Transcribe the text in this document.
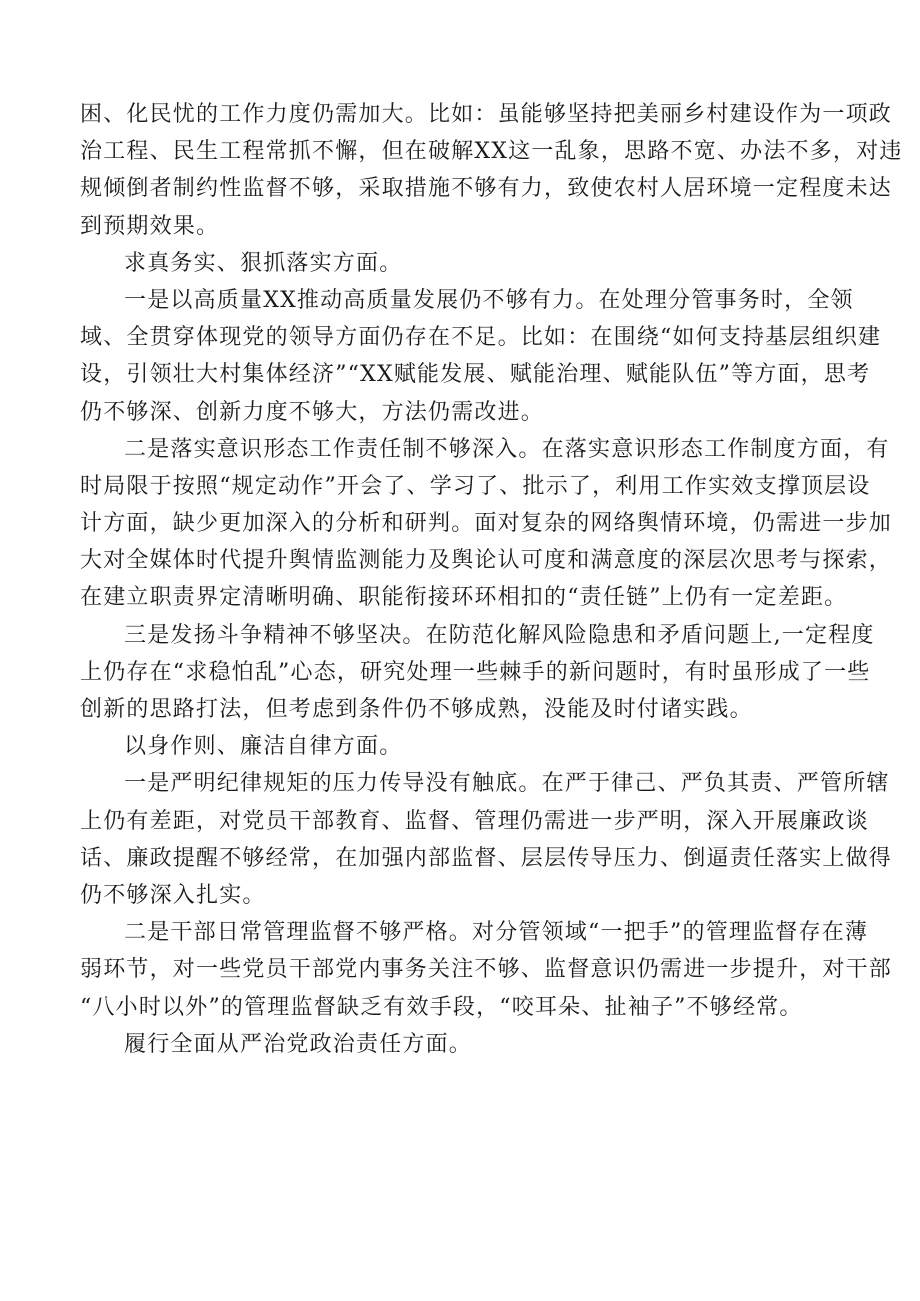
困、化民忧的工作力度仍需加大。比如：虽能够坚持把美丽乡村建设作为一项政
治工程、民生工程常抓不懈，但在破解XX这一乱象，思路不宽、办法不多，对违
规倾倒者制约性监督不够，采取措施不够有力，致使农村人居环境一定程度未达
到预期效果。
求真务实、狠抓落实方面。
一是以高质量XX推动高质量发展仍不够有力。在处理分管事务时，全领
域、全贯穿体现党的领导方面仍存在不足。比如：在围绕“如何支持基层组织建
设，引领壮大村集体经济”“XX赋能发展、赋能治理、赋能队伍”等方面，思考
仍不够深、创新力度不够大，方法仍需改进。
二是落实意识形态工作责任制不够深入。在落实意识形态工作制度方面，有
时局限于按照“规定动作”开会了、学习了、批示了，利用工作实效支撑顶层设
计方面，缺少更加深入的分析和研判。面对复杂的网络舆情环境，仍需进一步加
大对全媒体时代提升舆情监测能力及舆论认可度和满意度的深层次思考与探索，
在建立职责界定清晰明确、职能衔接环环相扣的“责任链”上仍有一定差距。
三是发扬斗争精神不够坚决。在防范化解风险隐患和矛盾问题上,一定程度
上仍存在“求稳怕乱”心态，研究处理一些棘手的新问题时，有时虽形成了一些
创新的思路打法，但考虑到条件仍不够成熟，没能及时付诸实践。
以身作则、廉洁自律方面。
一是严明纪律规矩的压力传导没有触底。在严于律己、严负其责、严管所辖
上仍有差距，对党员干部教育、监督、管理仍需进一步严明，深入开展廉政谈
话、廉政提醒不够经常，在加强内部监督、层层传导压力、倒逼责任落实上做得
仍不够深入扎实。
二是干部日常管理监督不够严格。对分管领域“一把手”的管理监督存在薄
弱环节，对一些党员干部党内事务关注不够、监督意识仍需进一步提升，对干部
“八小时以外”的管理监督缺乏有效手段，“咬耳朵、扯袖子”不够经常。
履行全面从严治党政治责任方面。
